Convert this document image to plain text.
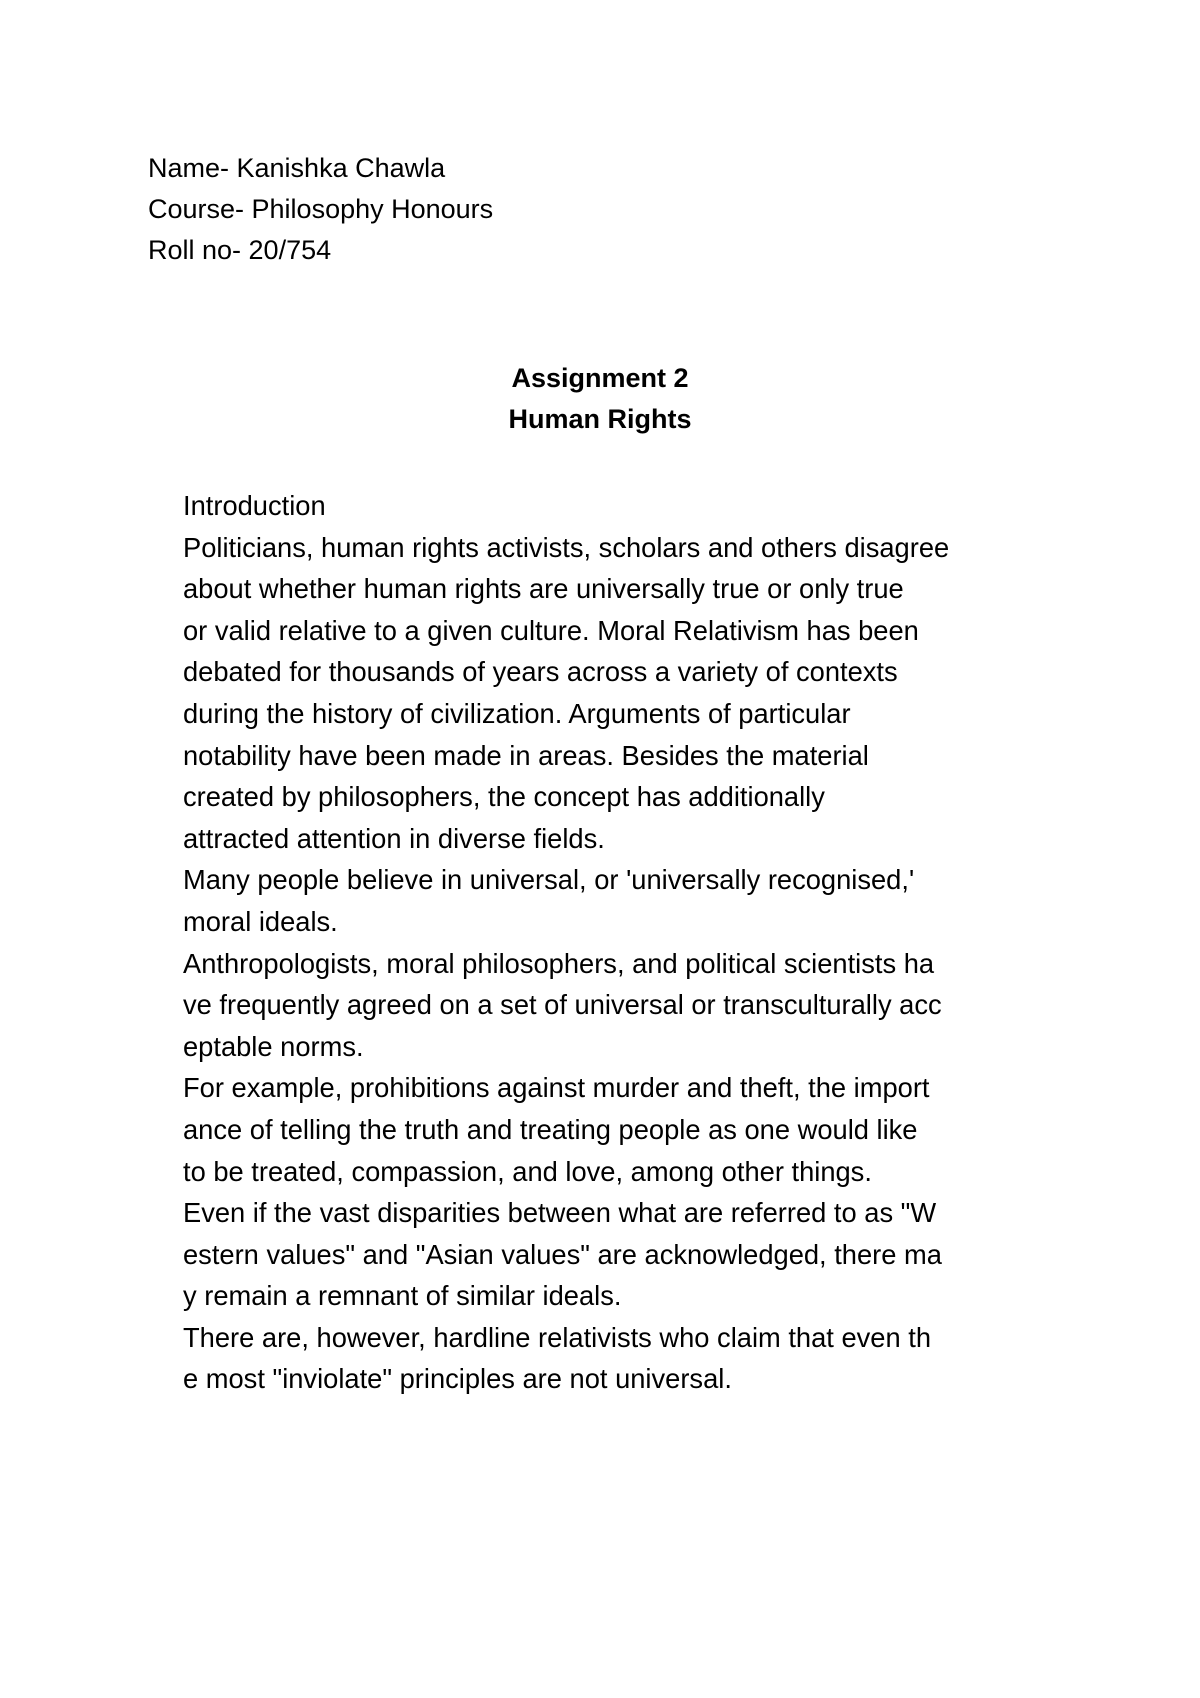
Name- Kanishka Chawla
Course- Philosophy Honours
Roll no- 20/754
Assignment 2
Human Rights
Introduction
Politicians, human rights activists, scholars and others disagree
about whether human rights are universally true or only true
or valid relative to a given culture. Moral Relativism has been
debated for thousands of years across a variety of contexts
during the history of civilization. Arguments of particular
notability have been made in areas. Besides the material
created by philosophers, the concept has additionally
attracted attention in diverse fields.
Many people believe in universal, or 'universally recognised,'
moral ideals.
Anthropologists, moral philosophers, and political scientists ha
ve frequently agreed on a set of universal or transculturally acc
eptable norms.
For example, prohibitions against murder and theft, the import
ance of telling the truth and treating people as one would like
to be treated, compassion, and love, among other things.
Even if the vast disparities between what are referred to as "W
estern values" and "Asian values" are acknowledged, there ma
y remain a remnant of similar ideals.
There are, however, hardline relativists who claim that even th
e most "inviolate" principles are not universal.
